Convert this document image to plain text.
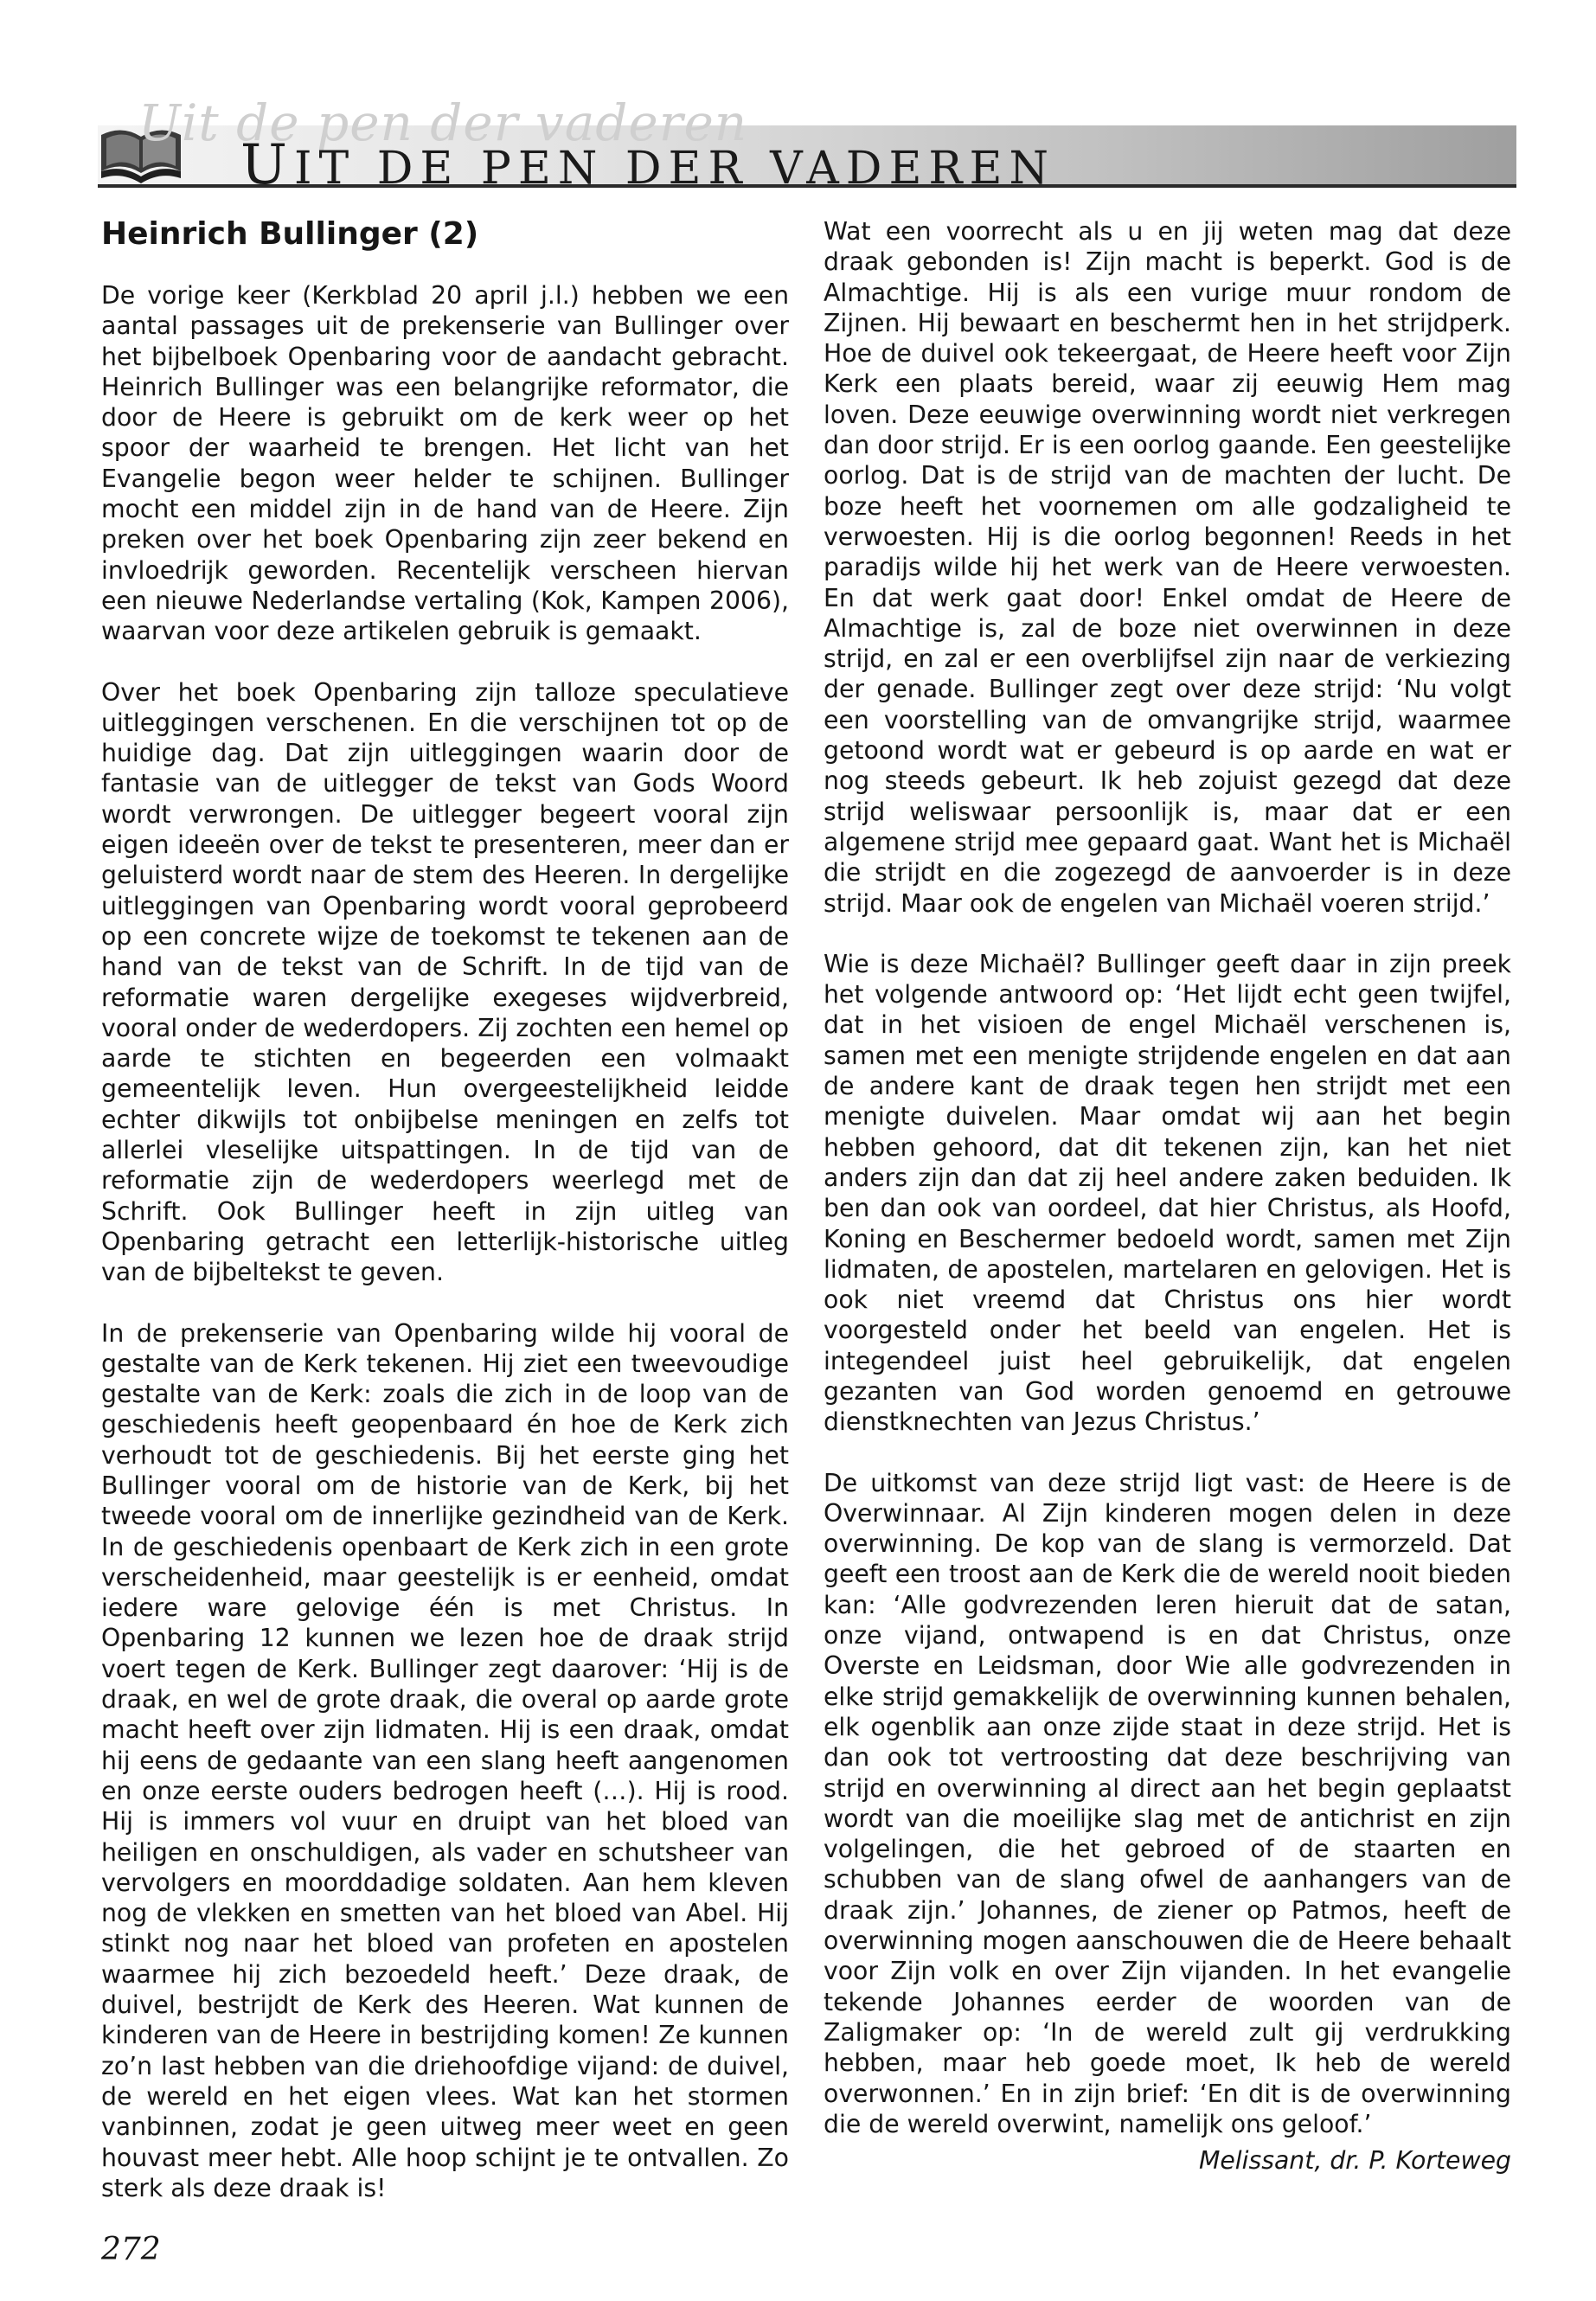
Uit de pen der vaderen
UIT DE PEN DER VADEREN
Heinrich Bullinger (2)

De vorige keer (Kerkblad 20 april j.l.) hebben we een aantal passages uit de prekenserie van Bullinger over het bijbelboek Openbaring voor de aandacht gebracht. Heinrich Bullinger was een belangrijke reformator, die door de Heere is gebruikt om de kerk weer op het spoor der waarheid te brengen. Het licht van het Evangelie begon weer helder te schijnen. Bullinger mocht een middel zijn in de hand van de Heere. Zijn preken over het boek Openbaring zijn zeer bekend en invloedrijk geworden. Recentelijk verscheen hiervan een nieuwe Nederlandse vertaling (Kok, Kampen 2006), waarvan voor deze artikelen gebruik is gemaakt.

Over het boek Openbaring zijn talloze speculatieve uitleggingen verschenen. En die verschijnen tot op de huidige dag. Dat zijn uitleggingen waarin door de fantasie van de uitlegger de tekst van Gods Woord wordt verwrongen. De uitlegger begeert vooral zijn eigen ideeën over de tekst te presenteren, meer dan er geluisterd wordt naar de stem des Heeren. In dergelijke uitleggingen van Openbaring wordt vooral geprobeerd op een concrete wijze de toekomst te tekenen aan de hand van de tekst van de Schrift. In de tijd van de reformatie waren dergelijke exegeses wijdverbreid, vooral onder de wederdopers. Zij zochten een hemel op aarde te stichten en begeerden een volmaakt gemeentelijk leven. Hun overgeestelijkheid leidde echter dikwijls tot onbijbelse meningen en zelfs tot allerlei vleselijke uitspattingen. In de tijd van de reformatie zijn de wederdopers weerlegd met de Schrift. Ook Bullinger heeft in zijn uitleg van Openbaring getracht een letterlijk-historische uitleg van de bijbeltekst te geven.

In de prekenserie van Openbaring wilde hij vooral de gestalte van de Kerk tekenen. Hij ziet een tweevoudige gestalte van de Kerk: zoals die zich in de loop van de geschiedenis heeft geopenbaard én hoe de Kerk zich verhoudt tot de geschiedenis. Bij het eerste ging het Bullinger vooral om de historie van de Kerk, bij het tweede vooral om de innerlijke gezindheid van de Kerk. In de geschiedenis openbaart de Kerk zich in een grote verscheidenheid, maar geestelijk is er eenheid, omdat iedere ware gelovige één is met Christus. In Openbaring 12 kunnen we lezen hoe de draak strijd voert tegen de Kerk. Bullinger zegt daarover: ‘Hij is de draak, en wel de grote draak, die overal op aarde grote macht heeft over zijn lidmaten. Hij is een draak, omdat hij eens de gedaante van een slang heeft aangenomen en onze eerste ouders bedrogen heeft (…). Hij is rood. Hij is immers vol vuur en druipt van het bloed van heiligen en onschuldigen, als vader en schutsheer van vervolgers en moorddadige soldaten. Aan hem kleven nog de vlekken en smetten van het bloed van Abel. Hij stinkt nog naar het bloed van profeten en apostelen waarmee hij zich bezoedeld heeft.’ Deze draak, de duivel, bestrijdt de Kerk des Heeren. Wat kunnen de kinderen van de Heere in bestrijding komen! Ze kunnen zo’n last hebben van die driehoofdige vijand: de duivel, de wereld en het eigen vlees. Wat kan het stormen vanbinnen, zodat je geen uitweg meer weet en geen houvast meer hebt. Alle hoop schijnt je te ontvallen. Zo sterk als deze draak is!

Wat een voorrecht als u en jij weten mag dat deze draak gebonden is! Zijn macht is beperkt. God is de Almachtige. Hij is als een vurige muur rondom de Zijnen. Hij bewaart en beschermt hen in het strijdperk. Hoe de duivel ook tekeergaat, de Heere heeft voor Zijn Kerk een plaats bereid, waar zij eeuwig Hem mag loven. Deze eeuwige overwinning wordt niet verkregen dan door strijd. Er is een oorlog gaande. Een geestelijke oorlog. Dat is de strijd van de machten der lucht. De boze heeft het voornemen om alle godzaligheid te verwoesten. Hij is die oorlog begonnen! Reeds in het paradijs wilde hij het werk van de Heere verwoesten. En dat werk gaat door! Enkel omdat de Heere de Almachtige is, zal de boze niet overwinnen in deze strijd, en zal er een overblijfsel zijn naar de verkiezing der genade. Bullinger zegt over deze strijd: ‘Nu volgt een voorstelling van de omvangrijke strijd, waarmee getoond wordt wat er gebeurd is op aarde en wat er nog steeds gebeurt. Ik heb zojuist gezegd dat deze strijd weliswaar persoonlijk is, maar dat er een algemene strijd mee gepaard gaat. Want het is Michaël die strijdt en die zogezegd de aanvoerder is in deze strijd. Maar ook de engelen van Michaël voeren strijd.’

Wie is deze Michaël? Bullinger geeft daar in zijn preek het volgende antwoord op: ‘Het lijdt echt geen twijfel, dat in het visioen de engel Michaël verschenen is, samen met een menigte strijdende engelen en dat aan de andere kant de draak tegen hen strijdt met een menigte duivelen. Maar omdat wij aan het begin hebben gehoord, dat dit tekenen zijn, kan het niet anders zijn dan dat zij heel andere zaken beduiden. Ik ben dan ook van oordeel, dat hier Christus, als Hoofd, Koning en Beschermer bedoeld wordt, samen met Zijn lidmaten, de apostelen, martelaren en gelovigen. Het is ook niet vreemd dat Christus ons hier wordt voorgesteld onder het beeld van engelen. Het is integendeel juist heel gebruikelijk, dat engelen gezanten van God worden genoemd en getrouwe dienstknechten van Jezus Christus.’

De uitkomst van deze strijd ligt vast: de Heere is de Overwinnaar. Al Zijn kinderen mogen delen in deze overwinning. De kop van de slang is vermorzeld. Dat geeft een troost aan de Kerk die de wereld nooit bieden kan: ‘Alle godvrezenden leren hieruit dat de satan, onze vijand, ontwapend is en dat Christus, onze Overste en Leidsman, door Wie alle godvrezenden in elke strijd gemakkelijk de overwinning kunnen behalen, elk ogenblik aan onze zijde staat in deze strijd. Het is dan ook tot vertroosting dat deze beschrijving van strijd en overwinning al direct aan het begin geplaatst wordt van die moeilijke slag met de antichrist en zijn volgelingen, die het gebroed of de staarten en schubben van de slang ofwel de aanhangers van de draak zijn.’ Johannes, de ziener op Patmos, heeft de overwinning mogen aanschouwen die de Heere behaalt voor Zijn volk en over Zijn vijanden. In het evangelie tekende Johannes eerder de woorden van de Zaligmaker op: ‘In de wereld zult gij verdrukking hebben, maar heb goede moet, Ik heb de wereld overwonnen.’ En in zijn brief: ‘En dit is de overwinning die de wereld overwint, namelijk ons geloof.’

Melissant, dr. P. Korteweg
272
